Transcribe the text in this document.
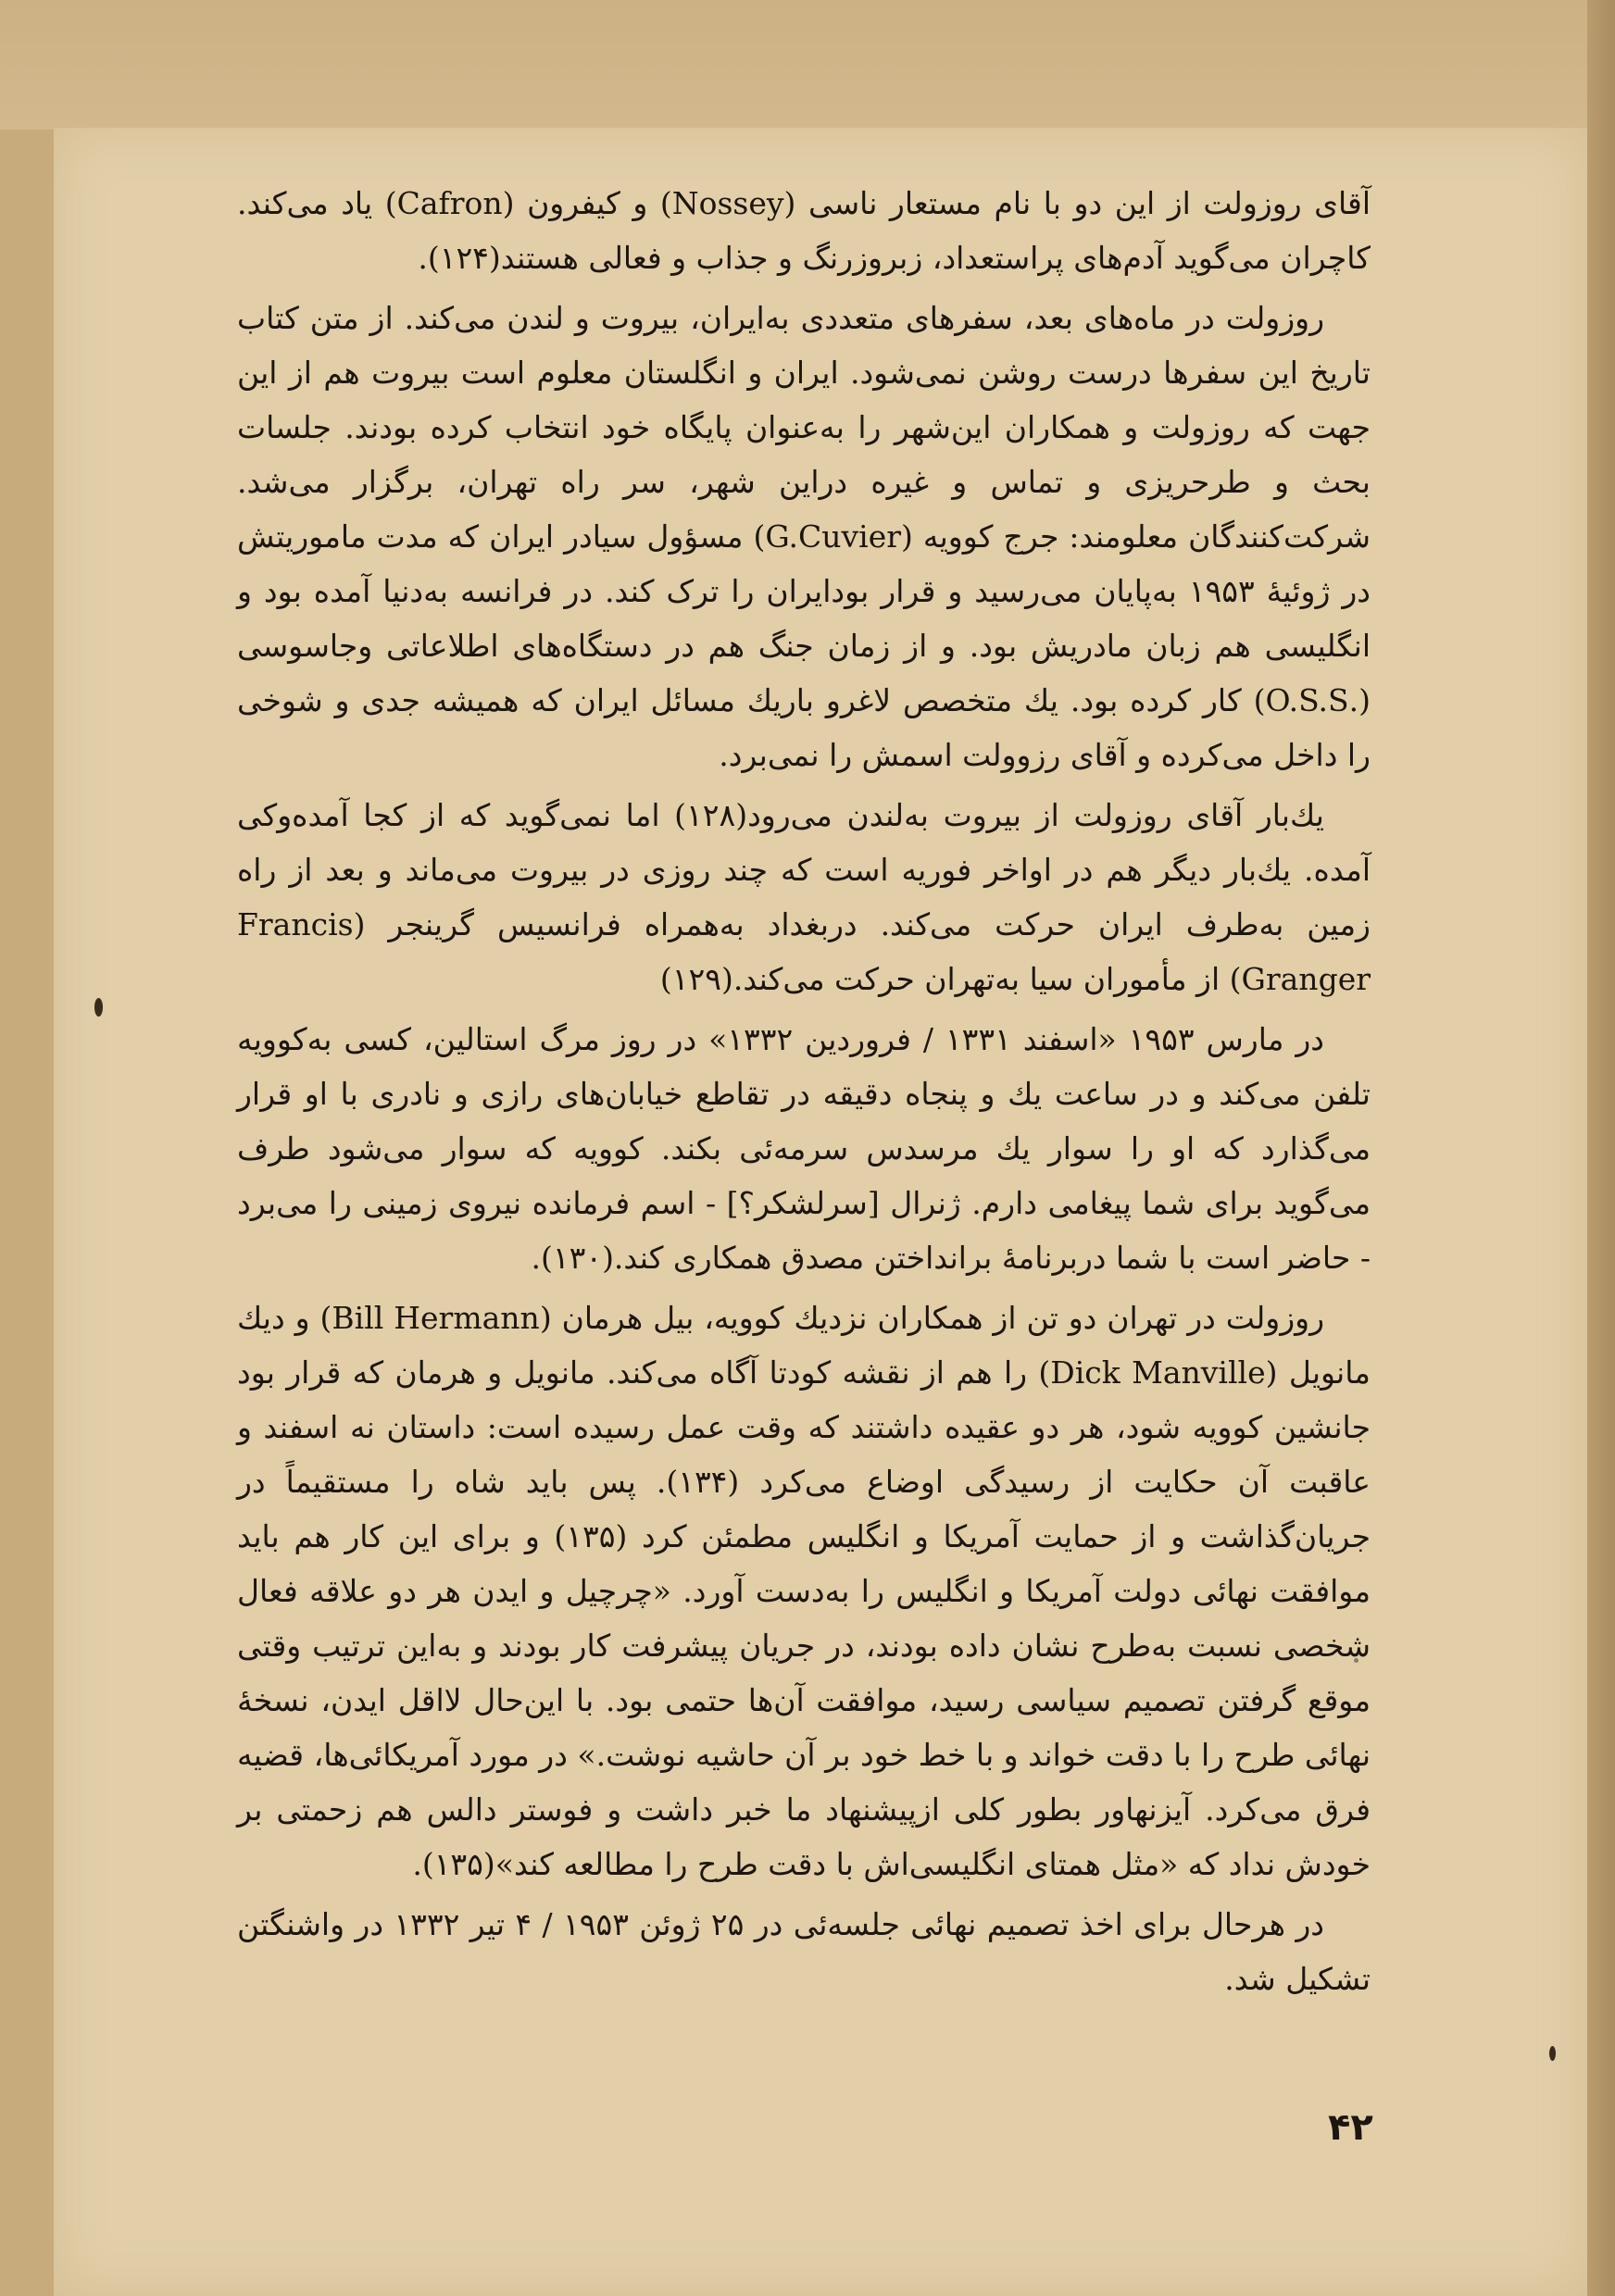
آقای روزولت از این دو با نام مستعار ناسی (Nossey) و کیفرون (Cafron) یاد می‌کند. کاچران می‌گوید آدم‌های پراستعداد، زبروزرنگ و جذاب و فعالی هستند(۱۲۴).

روزولت در ماه‌های بعد، سفرهای متعددی به‌ایران، بیروت و لندن می‌کند. از متن کتاب تاریخ این سفرها درست روشن نمی‌شود. ایران و انگلستان معلوم است بیروت هم از این جهت که روزولت و همکاران این‌شهر را به‌عنوان پایگاه خود انتخاب کرده بودند. جلسات بحث و طرحریزی و تماس و غیره دراین شهر، سر راه تهران، برگزار می‌شد. شرکت‌کنندگان معلومند: جرج کوویه (G.Cuvier) مسؤول سیادر ایران که مدت ماموریتش در ژوئیهٔ ۱۹۵۳ به‌پایان می‌رسید و قرار بودایران را ترک کند. در فرانسه به‌دنیا آمده بود و انگلیسی هم زبان مادریش بود. و از زمان جنگ هم در دستگاه‌های اطلاعاتی وجاسوسی (.O.S.S) کار کرده بود. یك متخصص لاغرو باریك مسائل ایران که همیشه جدی و شوخی را داخل می‌کرده و آقای رزوولت اسمش را نمی‌برد.

یك‌بار آقای روزولت از بیروت به‌لندن می‌رود(۱۲۸) اما نمی‌گوید که از کجا آمده‌وکی آمده. یك‌بار دیگر هم در اواخر فوریه است که چند روزی در بیروت می‌ماند و بعد از راه زمین به‌طرف ایران حرکت می‌کند. دربغداد به‌همراه فرانسیس گرینجر (Francis Granger) از مأموران سیا به‌تهران حرکت می‌کند.(۱۲۹)

در مارس ۱۹۵۳ «اسفند ۱۳۳۱ / فروردین ۱۳۳۲» در روز مرگ استالین، کسی به‌کوویه تلفن می‌کند و در ساعت یك و پنجاه دقیقه در تقاطع خیابان‌های رازی و نادری با او قرار می‌گذارد که او را سوار یك مرسدس سرمه‌ئی بکند. کوویه که سوار می‌شود طرف می‌گوید برای شما پیغامی دارم. ژنرال [سرلشکر؟] - اسم فرمانده نیروی زمینی را می‌برد - حاضر است با شما دربرنامهٔ برانداختن مصدق همکاری کند.(۱۳۰).

روزولت در تهران دو تن از همکاران نزدیك کوویه، بیل هرمان (Bill Hermann) و دیك مانویل (Dick Manville) را هم از نقشه کودتا آگاه می‌کند. مانویل و هرمان که قرار بود جانشین کوویه شود، هر دو عقیده داشتند که وقت عمل رسیده است: داستان نه اسفند و عاقبت آن حکایت از رسیدگی اوضاع می‌کرد (۱۳۴). پس باید شاه را مستقیماً در جریان‌گذاشت و از حمایت آمریکا و انگلیس مطمئن کرد (۱۳۵) و برای این کار هم باید موافقت نهائی دولت آمریکا و انگلیس را به‌دست آورد. «چرچیل و ایدن هر دو علاقه فعال شخصی نسبت به‌طرح نشان داده بودند، در جریان پیشرفت کار بودند و به‌این ترتیب وقتی موقع گرفتن تصمیم سیاسی رسید، موافقت آن‌ها حتمی بود. با این‌حال لااقل ایدن، نسخهٔ نهائی طرح را با دقت خواند و با خط خود بر آن حاشیه نوشت.» در مورد آمریکائی‌ها، قضیه فرق می‌کرد. آیزنهاور بطور کلی ازپیشنهاد ما خبر داشت و فوستر دالس هم زحمتی بر خودش نداد که «مثل همتای انگلیسی‌اش با دقت طرح را مطالعه کند»(۱۳۵).

در هرحال برای اخذ تصمیم نهائی جلسه‌ئی در ۲۵ ژوئن ۱۹۵۳ / ۴ تیر ۱۳۳۲ در واشنگتن تشکیل شد.

۴۲
